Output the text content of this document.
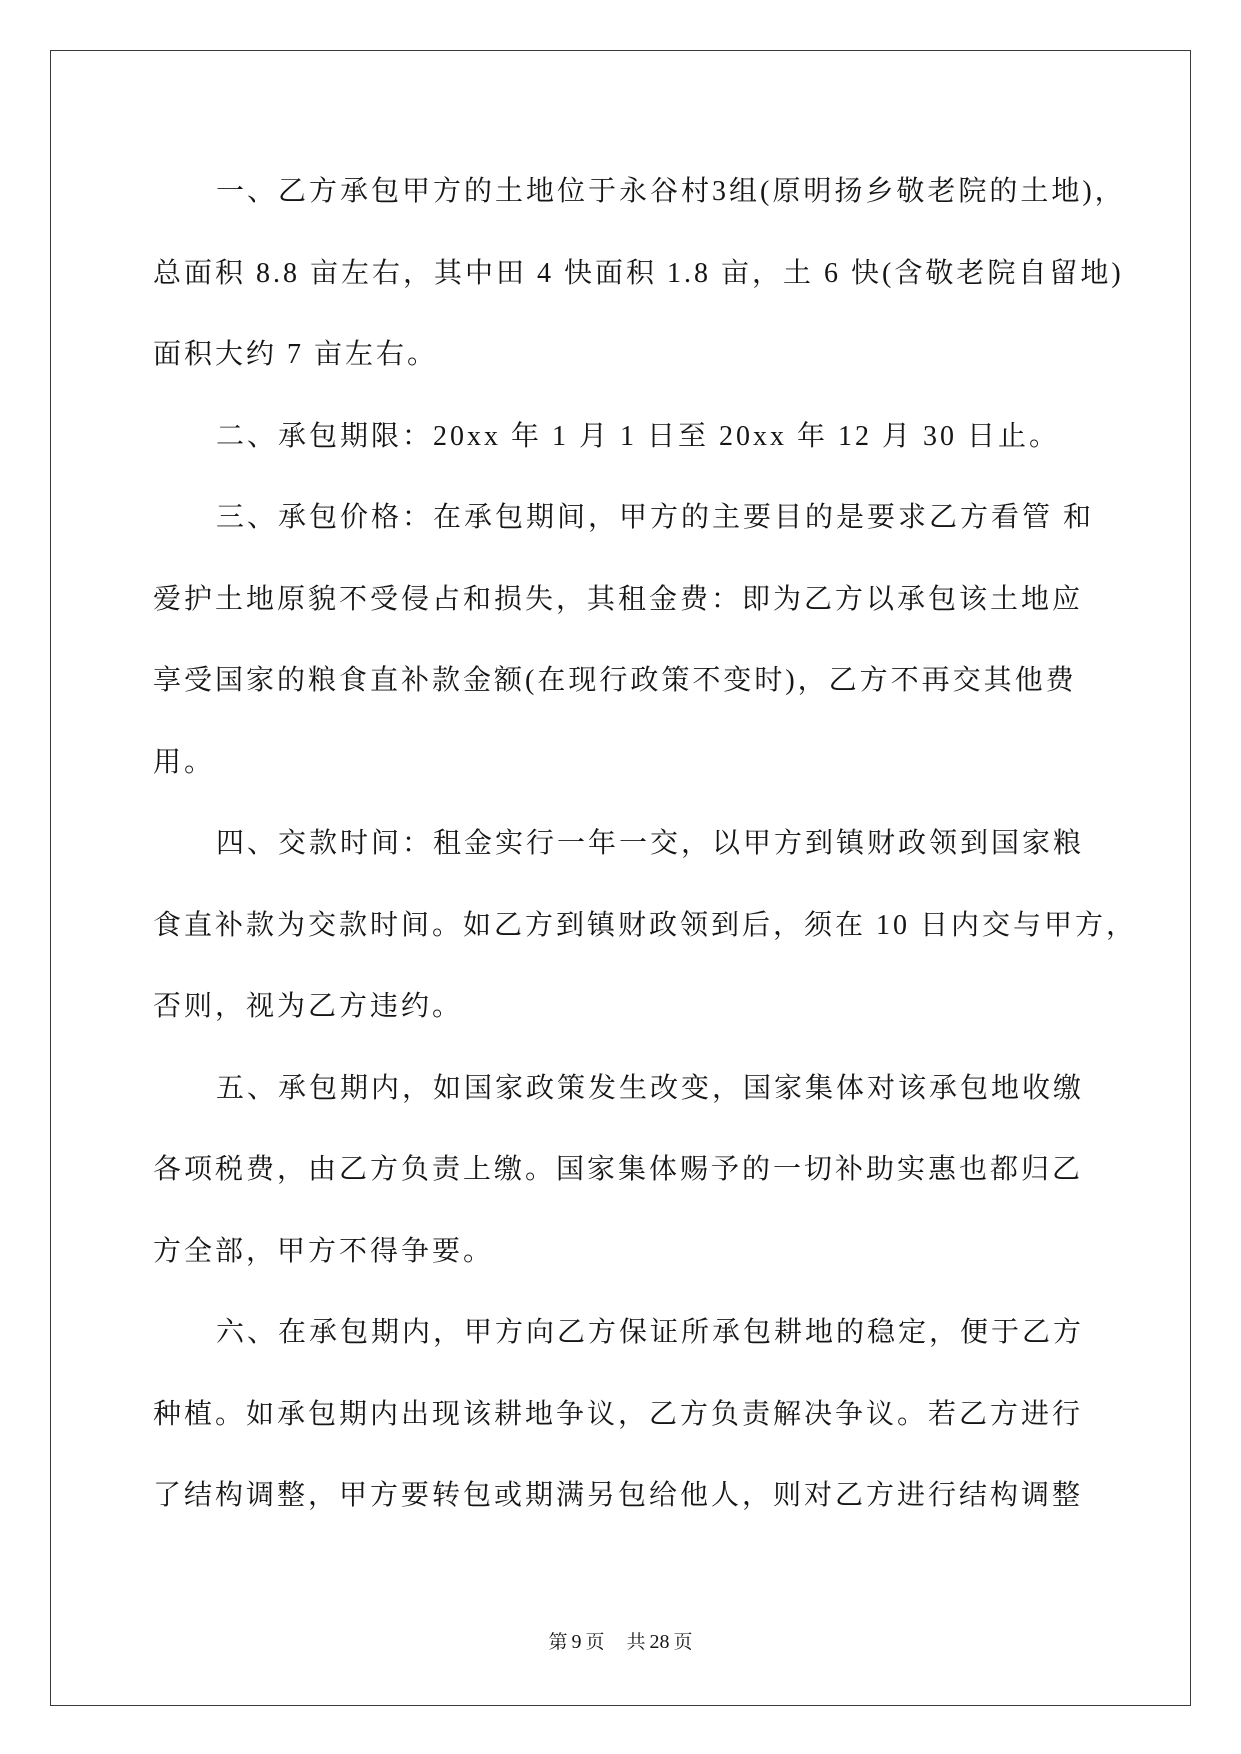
一、乙方承包甲方的土地位于永谷村3组(原明扬乡敬老院的土地)，
总面积 8.8 亩左右，其中田 4 快面积 1.8 亩，土 6 快(含敬老院自留地)
面积大约 7 亩左右。
二、承包期限：20xx 年 1 月 1 日至 20xx 年 12 月 30 日止。
三、承包价格：在承包期间，甲方的主要目的是要求乙方看管 和
爱护土地原貌不受侵占和损失，其租金费：即为乙方以承包该土地应
享受国家的粮食直补款金额(在现行政策不变时)，乙方不再交其他费
用。
四、交款时间：租金实行一年一交，以甲方到镇财政领到国家粮
食直补款为交款时间。如乙方到镇财政领到后，须在 10 日内交与甲方，
否则，视为乙方违约。
五、承包期内，如国家政策发生改变，国家集体对该承包地收缴
各项税费，由乙方负责上缴。国家集体赐予的一切补助实惠也都归乙
方全部，甲方不得争要。
六、在承包期内，甲方向乙方保证所承包耕地的稳定，便于乙方
种植。如承包期内出现该耕地争议，乙方负责解决争议。若乙方进行
了结构调整，甲方要转包或期满另包给他人，则对乙方进行结构调整
第 9 页 共 28 页
